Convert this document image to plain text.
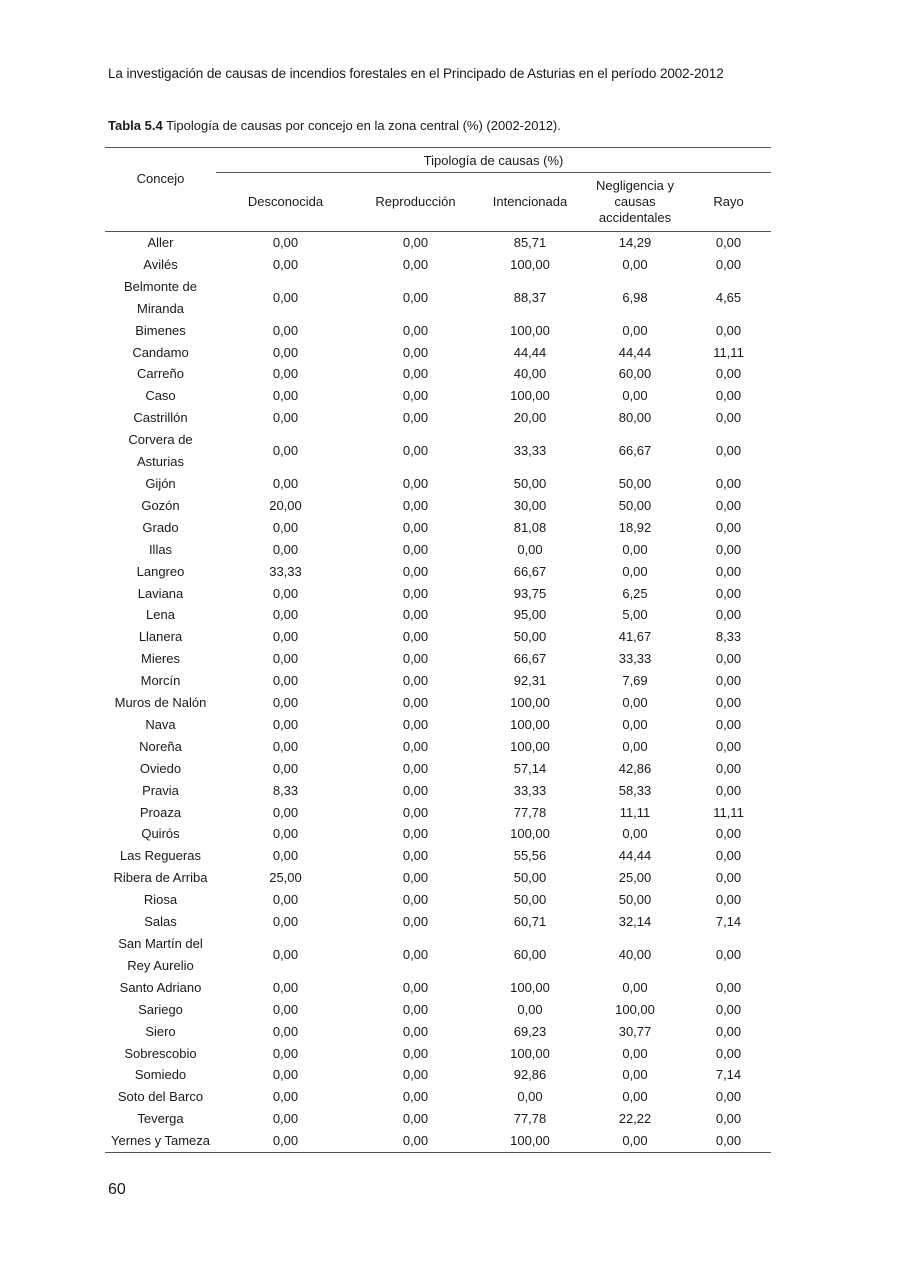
La investigación de causas de incendios forestales en el Principado de Asturias en el período 2002-2012
Tabla 5.4 Tipología de causas por concejo en la zona central (%) (2002-2012).
Concejo	Tipología de causas (%)				
	Desconocida	Reproducción	Intencionada	Negligencia y
causas
accidentales	Rayo
Aller	0,00	0,00	85,71	14,29	0,00
Avilés	0,00	0,00	100,00	0,00	0,00
Belmonte de
Miranda	0,00	0,00	88,37	6,98	4,65
Bimenes	0,00	0,00	100,00	0,00	0,00
Candamo	0,00	0,00	44,44	44,44	11,11
Carreño	0,00	0,00	40,00	60,00	0,00
Caso	0,00	0,00	100,00	0,00	0,00
Castrillón	0,00	0,00	20,00	80,00	0,00
Corvera de
Asturias	0,00	0,00	33,33	66,67	0,00
Gijón	0,00	0,00	50,00	50,00	0,00
Gozón	20,00	0,00	30,00	50,00	0,00
Grado	0,00	0,00	81,08	18,92	0,00
Illas	0,00	0,00	0,00	0,00	0,00
Langreo	33,33	0,00	66,67	0,00	0,00
Laviana	0,00	0,00	93,75	6,25	0,00
Lena	0,00	0,00	95,00	5,00	0,00
Llanera	0,00	0,00	50,00	41,67	8,33
Mieres	0,00	0,00	66,67	33,33	0,00
Morcín	0,00	0,00	92,31	7,69	0,00
Muros de Nalón	0,00	0,00	100,00	0,00	0,00
Nava	0,00	0,00	100,00	0,00	0,00
Noreña	0,00	0,00	100,00	0,00	0,00
Oviedo	0,00	0,00	57,14	42,86	0,00
Pravia	8,33	0,00	33,33	58,33	0,00
Proaza	0,00	0,00	77,78	11,11	11,11
Quirós	0,00	0,00	100,00	0,00	0,00
Las Regueras	0,00	0,00	55,56	44,44	0,00
Ribera de Arriba	25,00	0,00	50,00	25,00	0,00
Riosa	0,00	0,00	50,00	50,00	0,00
Salas	0,00	0,00	60,71	32,14	7,14
San Martín del
Rey Aurelio	0,00	0,00	60,00	40,00	0,00
Santo Adriano	0,00	0,00	100,00	0,00	0,00
Sariego	0,00	0,00	0,00	100,00	0,00
Siero	0,00	0,00	69,23	30,77	0,00
Sobrescobio	0,00	0,00	100,00	0,00	0,00
Somiedo	0,00	0,00	92,86	0,00	7,14
Soto del Barco	0,00	0,00	0,00	0,00	0,00
Teverga	0,00	0,00	77,78	22,22	0,00
Yernes y Tameza	0,00	0,00	100,00	0,00	0,00
60
